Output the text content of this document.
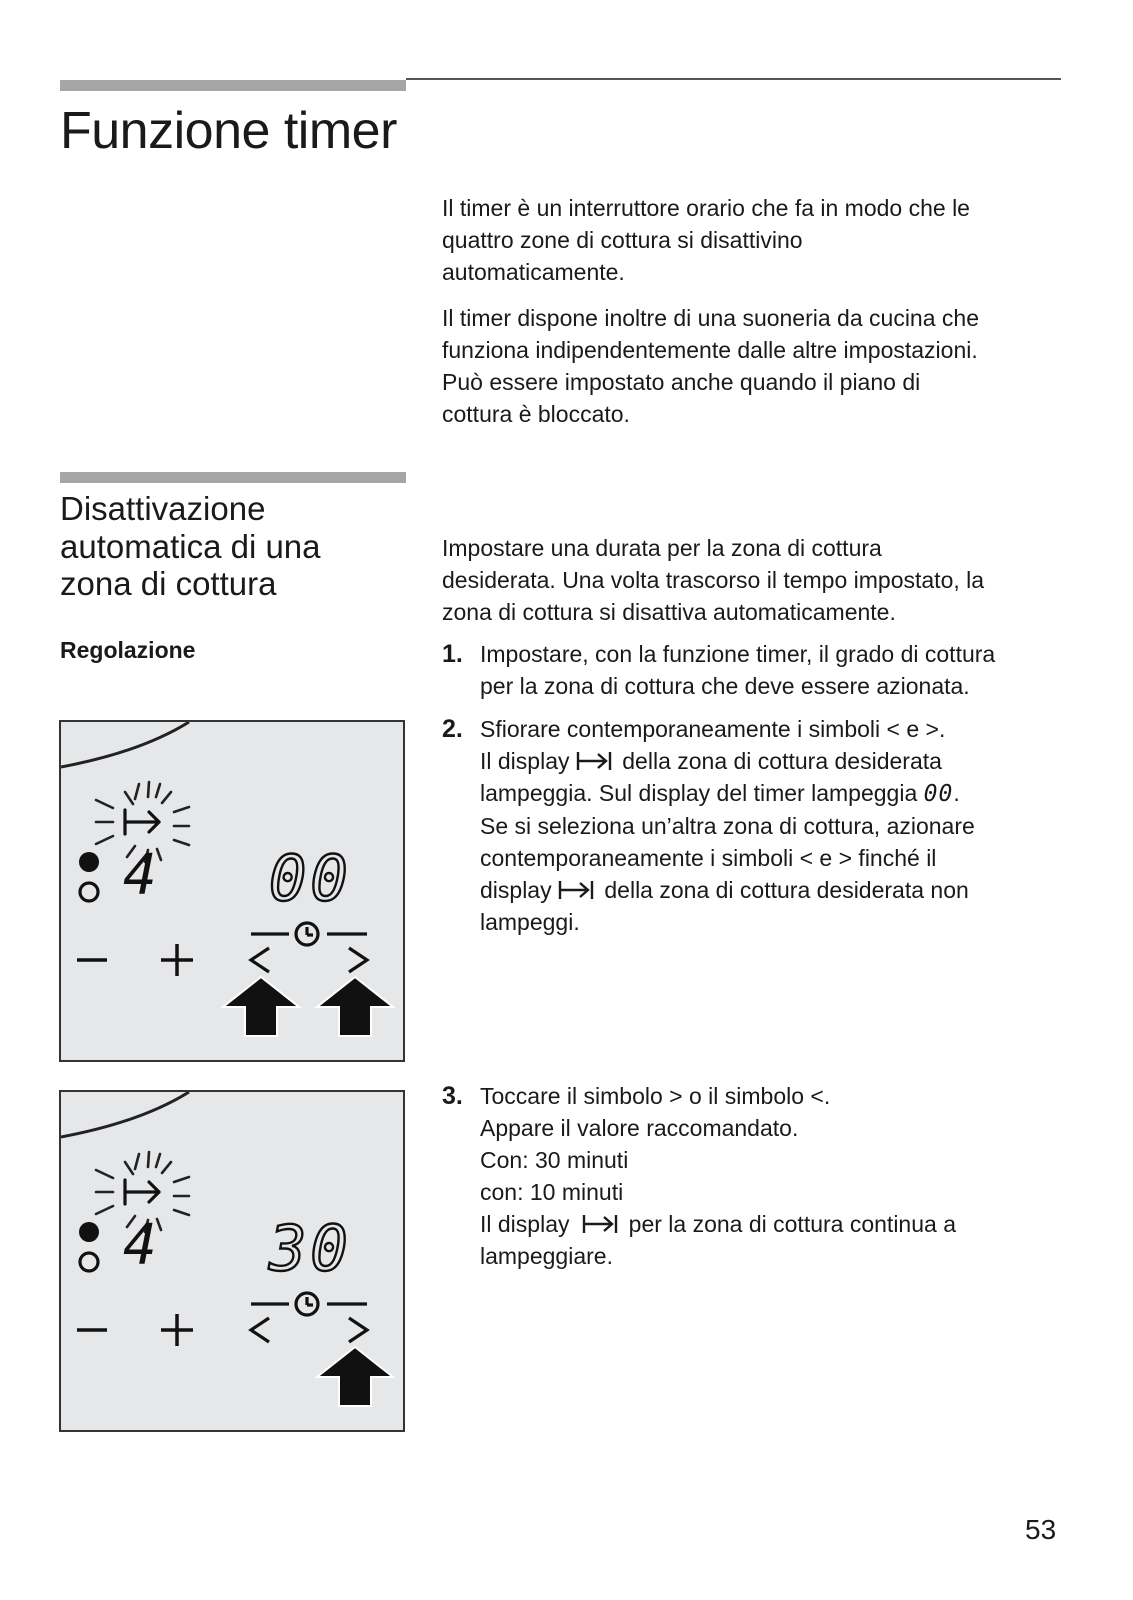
Funzione timer
Il timer è un interruttore orario che fa in modo che le
quattro zone di cottura si disattivino
automaticamente.
Il timer dispone inoltre di una suoneria da cucina che
funziona indipendentemente dalle altre impostazioni.
Può essere impostato anche quando il piano di
cottura è bloccato.
Disattivazione
automatica di una
zona di cottura
Regolazione
Impostare una durata per la zona di cottura
desiderata. Una volta trascorso il tempo impostato, la
zona di cottura si disattiva automaticamente.
1. Impostare, con la funzione timer, il grado di cottura
per la zona di cottura che deve essere azionata.
2. Sfiorare contemporaneamente i simboli < e >.
Il display  della zona di cottura desiderata
lampeggia. Sul display del timer lampeggia 00.
Se si seleziona un’altra zona di cottura, azionare
contemporaneamente i simboli < e > finché il
display  della zona di cottura desiderata non
lampeggi.
3. Toccare il simbolo > o il simbolo <.
Appare il valore raccomandato.
Con: 30 minuti
con: 10 minuti
Il display   per la zona di cottura continua a
lampeggiare.
4 00
4 30
53
